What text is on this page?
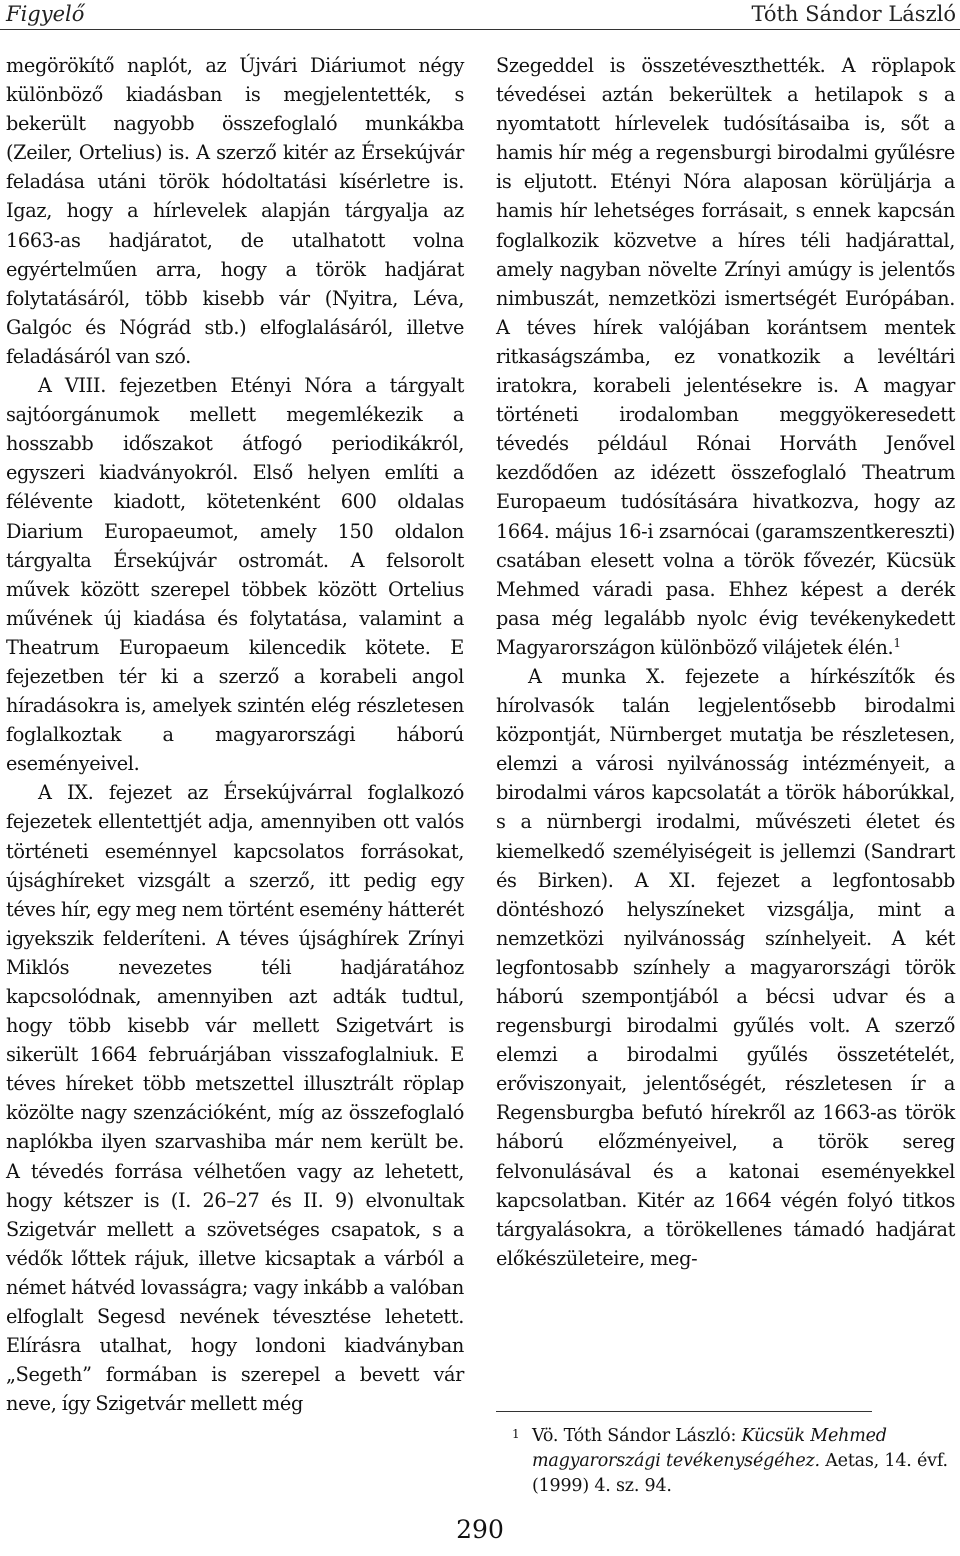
Figyelő	Tóth Sándor László

megörökítő naplót, az Újvári Diáriumot négy különböző kiadásban is megjelentették, s bekerült nagyobb összefoglaló munkákba (Zeiler, Ortelius) is. A szerző kitér az Érsekújvár feladása utáni török hódoltatási kísérletre is. Igaz, hogy a hírlevelek alapján tárgyalja az 1663-as hadjáratot, de utalhatott volna egyértelműen arra, hogy a török hadjárat folytatásáról, több kisebb vár (Nyitra, Léva, Galgóc és Nógrád stb.) elfoglalásáról, illetve feladásáról van szó.

A VIII. fejezetben Etényi Nóra a tárgyalt sajtóorgánumok mellett megemlékezik a hosszabb időszakot átfogó periodikákról, egyszeri kiadványokról. Első helyen említi a félévente kiadott, kötetenként 600 oldalas Diarium Europaeumot, amely 150 oldalon tárgyalta Érsekújvár ostromát. A felsorolt művek között szerepel többek között Ortelius művének új kiadása és folytatása, valamint a Theatrum Europaeum kilencedik kötete. E fejezetben tér ki a szerző a korabeli angol híradásokra is, amelyek szintén elég részletesen foglalkoztak a magyarországi háború eseményeivel.

A IX. fejezet az Érsekújvárral foglalkozó fejezetek ellentettjét adja, amennyiben ott valós történeti eseménnyel kapcsolatos forrásokat, újsághíreket vizsgált a szerző, itt pedig egy téves hír, egy meg nem történt esemény hátterét igyekszik felderíteni. A téves újsághírek Zrínyi Miklós nevezetes téli hadjáratához kapcsolódnak, amennyiben azt adták tudtul, hogy több kisebb vár mellett Szigetvárt is sikerült 1664 februárjában visszafoglalniuk. E téves híreket több metszettel illusztrált röplap közölte nagy szenzációként, míg az összefoglaló naplókba ilyen szarvashiba már nem került be. A tévedés forrása vélhetően vagy az lehetett, hogy kétszer is (I. 26–27 és II. 9) elvonultak Szigetvár mellett a szövetséges csapatok, s a védők lőttek rájuk, illetve kicsaptak a várból a német hátvéd lovasságra; vagy inkább a valóban elfoglalt Segesd nevének tévesztése lehetett. Elírásra utalhat, hogy londoni kiadványban „Segeth” formában is szerepel a bevett vár neve, így Szigetvár mellett még

Szegeddel is összetéveszthették. A röplapok tévedései aztán bekerültek a hetilapok s a nyomtatott hírlevelek tudósításaiba is, sőt a hamis hír még a regensburgi birodalmi gyűlésre is eljutott. Etényi Nóra alaposan körüljárja a hamis hír lehetséges forrásait, s ennek kapcsán foglalkozik közvetve a híres téli hadjárattal, amely nagyban növelte Zrínyi amúgy is jelentős nimbuszát, nemzetközi ismertségét Európában. A téves hírek valójában korántsem mentek ritkaságszámba, ez vonatkozik a levéltári iratokra, korabeli jelentésekre is. A magyar történeti irodalomban meggyökeresedett tévedés például Rónai Horváth Jenővel kezdődően az idézett összefoglaló Theatrum Europaeum tudósítására hivatkozva, hogy az 1664. május 16-i zsarnócai (garamszentkereszti) csatában elesett volna a török fővezér, Kücsük Mehmed váradi pasa. Ehhez képest a derék pasa még legalább nyolc évig tevékenykedett Magyarországon különböző vilájetek élén.$^1$

A munka X. fejezete a hírkészítők és hírolvasók talán legjelentősebb birodalmi központját, Nürnberget mutatja be részletesen, elemzi a városi nyilvánosság intézményeit, a birodalmi város kapcsolatát a török háborúkkal, s a nürnbergi irodalmi, művészeti életet és kiemelkedő személyiségeit is jellemzi (Sandrart és Birken). A XI. fejezet a legfontosabb döntéshozó helyszíneket vizsgálja, mint a nemzetközi nyilvánosság színhelyeit. A két legfontosabb színhely a magyarországi török háború szempontjából a bécsi udvar és a regensburgi birodalmi gyűlés volt. A szerző elemzi a birodalmi gyűlés összetételét, erőviszonyait, jelentőségét, részletesen ír a Regensburgba befutó hírekről az 1663-as török háború előzményeivel, a török sereg felvonulásával és a katonai eseményekkel kapcsolatban. Kitér az 1664 végén folyó titkos tárgyalásokra, a törökellenes támadó hadjárat előkészületeire, meg-

1 Vö. Tóth Sándor László: Kücsük Mehmed magyarországi tevékenységéhez. Aetas, 14. évf. (1999) 4. sz. 94.
290
